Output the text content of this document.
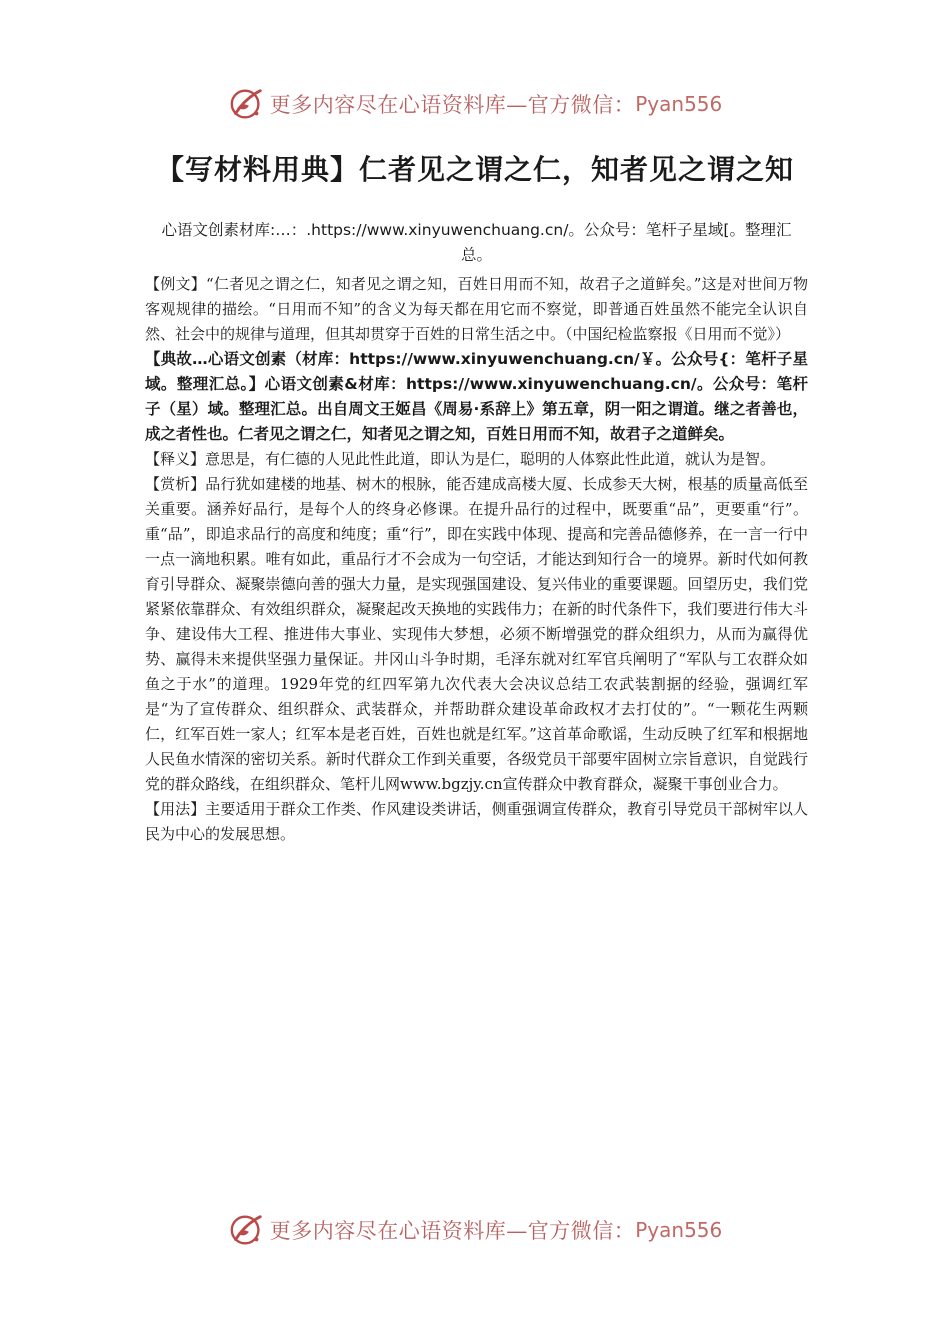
更多内容尽在心语资料库—官方微信： Pyan556
【写材料用典】仁者见之谓之仁，知者见之谓之知

心语文创素材库:…：.https://www.xinyuwenchuang.cn/。公众号：笔杆子星域[。整理汇总。

【例文】“仁者见之谓之仁，知者见之谓之知，百姓日用而不知，故君子之道鲜矣。”这是对世间万物客观规律的描绘。“日用而不知”的含义为每天都在用它而不察觉，即普通百姓虽然不能完全认识自然、社会中的规律与道理，但其却贯穿于百姓的日常生活之中。（中国纪检监察报《日用而不觉》）

【典故…心语文创素（材库：https://www.xinyuwenchuang.cn/￥。公众号{：笔杆子星域。整理汇总。】心语文创素&材库：https://www.xinyuwenchuang.cn/。公众号：笔杆子（星）域。整理汇总。出自周文王姬昌《周易·系辞上》第五章，阴一阳之谓道。继之者善也，成之者性也。仁者见之谓之仁，知者见之谓之知，百姓日用而不知，故君子之道鲜矣。

【释义】意思是，有仁德的人见此性此道，即认为是仁，聪明的人体察此性此道，就认为是智。

【赏析】品行犹如建楼的地基、树木的根脉，能否建成高楼大厦、长成参天大树，根基的质量高低至关重要。涵养好品行，是每个人的终身必修课。在提升品行的过程中，既要重“品”，更要重“行”。重“品”，即追求品行的高度和纯度；重“行”，即在实践中体现、提高和完善品德修养，在一言一行中一点一滴地积累。唯有如此，重品行才不会成为一句空话，才能达到知行合一的境界。新时代如何教育引导群众、凝聚崇德向善的强大力量，是实现强国建设、复兴伟业的重要课题。回望历史，我们党紧紧依靠群众、有效组织群众，凝聚起改天换地的实践伟力；在新的时代条件下，我们要进行伟大斗争、建设伟大工程、推进伟大事业、实现伟大梦想，必须不断增强党的群众组织力，从而为赢得优势、赢得未来提供坚强力量保证。井冈山斗争时期，毛泽东就对红军官兵阐明了“军队与工农群众如鱼之于水”的道理。1929年党的红四军第九次代表大会决议总结工农武装割据的经验，强调红军是“为了宣传群众、组织群众、武装群众，并帮助群众建设革命政权才去打仗的”。“一颗花生两颗仁，红军百姓一家人；红军本是老百姓，百姓也就是红军。”这首革命歌谣，生动反映了红军和根据地人民鱼水情深的密切关系。新时代群众工作到关重要，各级党员干部要牢固树立宗旨意识，自觉践行党的群众路线，在组织群众、笔杆儿网www.bgzjy.cn宣传群众中教育群众，凝聚干事创业合力。

【用法】主要适用于群众工作类、作风建设类讲话，侧重强调宣传群众，教育引导党员干部树牢以人民为中心的发展思想。

更多内容尽在心语资料库—官方微信： Pyan556
